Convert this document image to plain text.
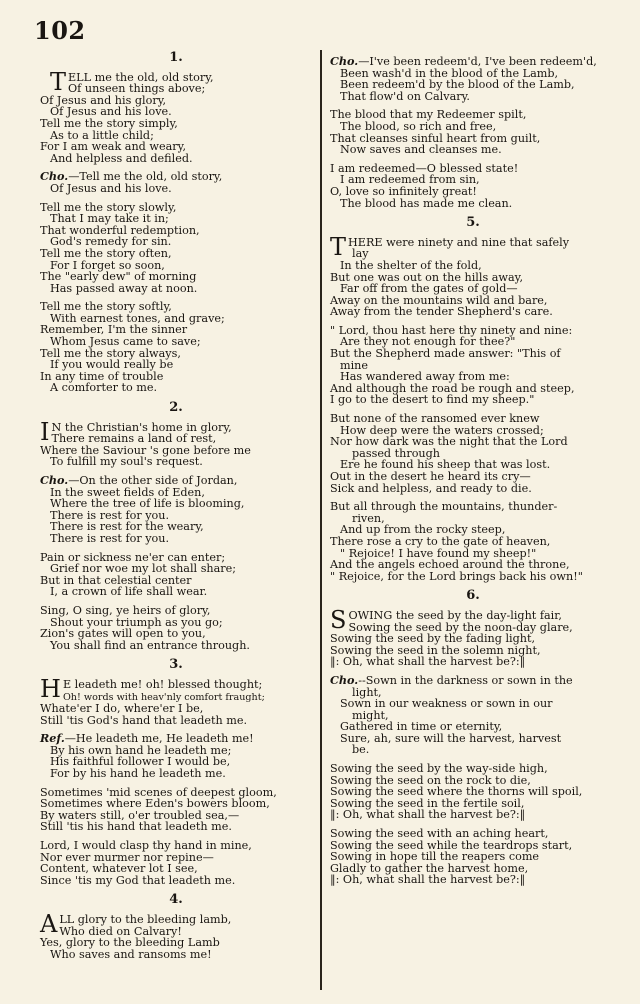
102
1.
TELL me the old, old story,
Of unseen things above;
Of Jesus and his glory,
Of Jesus and his love.
Tell me the story simply,
As to a little child;
For I am weak and weary,
And helpless and defiled.
Cho.—Tell me the old, old story,
Of Jesus and his love.
Tell me the story slowly,
That I may take it in;
That wonderful redemption,
God's remedy for sin.
Tell me the story often,
For I forget so soon,
The "early dew" of morning
Has passed away at noon.
Tell me the story softly,
With earnest tones, and grave;
Remember, I'm the sinner
Whom Jesus came to save;
Tell me the story always,
If you would really be
In any time of trouble
A comforter to me.
2.
I N the Christian's home in glory,
There remains a land of rest,
Where the Saviour 's gone before me
To fulfill my soul's request.
Cho.—On the other side of Jordan,
In the sweet fields of Eden,
Where the tree of life is blooming,
There is rest for you.
There is rest for the weary,
There is rest for you.
Pain or sickness ne'er can enter;
Grief nor woe my lot shall share;
But in that celestial center
I, a crown of life shall wear.
Sing, O sing, ye heirs of glory,
Shout your triumph as you go;
Zion's gates will open to you,
You shall find an entrance through.
3.
H E leadeth me! oh! blessed thought;
Oh! words with heav'nly comfort fraught;
Whate'er I do, where'er I be,
Still 'tis God's hand that leadeth me.
Ref.—He leadeth me, He leadeth me!
By his own hand he leadeth me;
His faithful follower I would be,
For by his hand he leadeth me.
Sometimes 'mid scenes of deepest gloom,
Sometimes where Eden's bowers bloom,
By waters still, o'er troubled sea,—
Still 'tis his hand that leadeth me.
Lord, I would clasp thy hand in mine,
Nor ever murmer nor repine—
Content, whatever lot I see,
Since 'tis my God that leadeth me.
4.
ALL glory to the bleeding lamb,
Who died on Calvary!
Yes, glory to the bleeding Lamb
Who saves and ransoms me!
Cho.—I've been redeem'd, I've been redeem'd,
Been wash'd in the blood of the Lamb,
Been redeem'd by the blood of the Lamb,
That flow'd on Calvary.
The blood that my Redeemer spilt,
The blood, so rich and free,
That cleanses sinful heart from guilt,
Now saves and cleanses me.
I am redeemed—O blessed state!
I am redeemed from sin,
O, love so infinitely great!
The blood has made me clean.
5.
THERE were ninety and nine that safely
lay
In the shelter of the fold,
But one was out on the hills away,
Far off from the gates of gold—
Away on the mountains wild and bare,
Away from the tender Shepherd's care.
" Lord, thou hast here thy ninety and nine:
Are they not enough for thee?"
But the Shepherd made answer: "This of
mine
Has wandered away from me:
And although the road be rough and steep,
I go to the desert to find my sheep."
But none of the ransomed ever knew
How deep were the waters crossed;
Nor how dark was the night that the Lord
passed through
Ere he found his sheep that was lost.
Out in the desert he heard its cry—
Sick and helpless, and ready to die.
But all through the mountains, thunder-
riven,
And up from the rocky steep,
There rose a cry to the gate of heaven,
" Rejoice! I have found my sheep!"
And the angels echoed around the throne,
" Rejoice, for the Lord brings back his own!"
6.
SOWING the seed by the day-light fair,
Sowing the seed by the noon-day glare,
Sowing the seed by the fading light,
Sowing the seed in the solemn night,
‖: Oh, what shall the harvest be?:‖
Cho.--Sown in the darkness or sown in the
light,
Sown in our weakness or sown in our
might,
Gathered in time or eternity,
Sure, ah, sure will the harvest, harvest
be.
Sowing the seed by the way-side high,
Sowing the seed on the rock to die,
Sowing the seed where the thorns will spoil,
Sowing the seed in the fertile soil,
‖: Oh, what shall the harvest be?:‖
Sowing the seed with an aching heart,
Sowing the seed while the teardrops start,
Sowing in hope till the reapers come
Gladly to gather the harvest home,
‖: Oh, what shall the harvest be?:‖
